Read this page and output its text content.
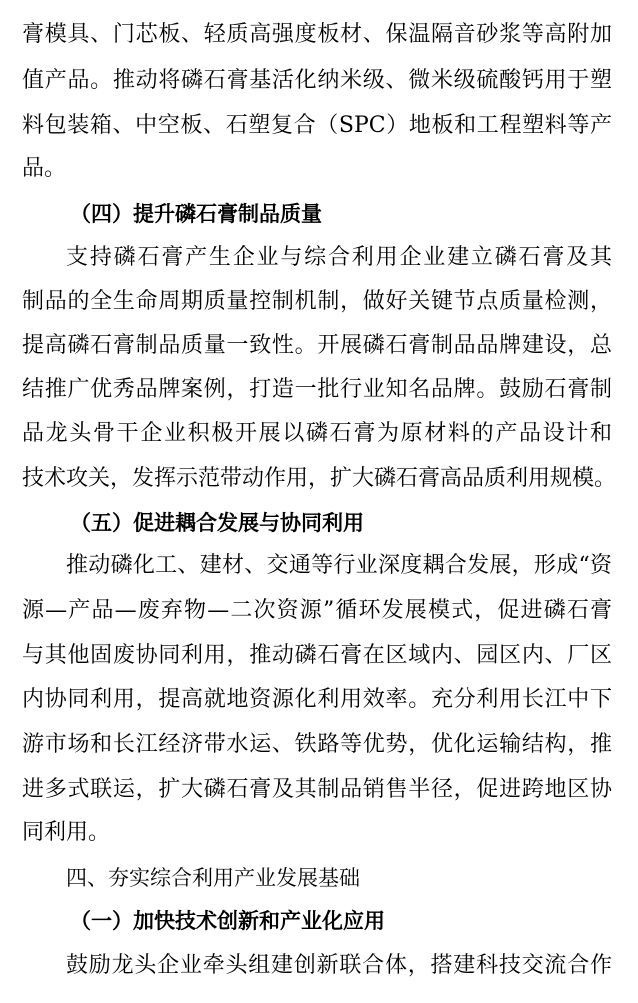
膏模具、门芯板、轻质高强度板材、保温隔音砂浆等高附加
值产品。推动将磷石膏基活化纳米级、微米级硫酸钙用于塑
料包装箱、中空板、石塑复合（SPC）地板和工程塑料等产
品。
（四）提升磷石膏制品质量
支持磷石膏产生企业与综合利用企业建立磷石膏及其
制品的全生命周期质量控制机制，做好关键节点质量检测，
提高磷石膏制品质量一致性。开展磷石膏制品品牌建设，总
结推广优秀品牌案例，打造一批行业知名品牌。鼓励石膏制
品龙头骨干企业积极开展以磷石膏为原材料的产品设计和
技术攻关，发挥示范带动作用，扩大磷石膏高品质利用规模。
（五）促进耦合发展与协同利用
推动磷化工、建材、交通等行业深度耦合发展，形成“资
源—产品—废弃物—二次资源”循环发展模式，促进磷石膏
与其他固废协同利用，推动磷石膏在区域内、园区内、厂区
内协同利用，提高就地资源化利用效率。充分利用长江中下
游市场和长江经济带水运、铁路等优势，优化运输结构，推
进多式联运，扩大磷石膏及其制品销售半径，促进跨地区协
同利用。
四、夯实综合利用产业发展基础
（一）加快技术创新和产业化应用
鼓励龙头企业牵头组建创新联合体，搭建科技交流合作
